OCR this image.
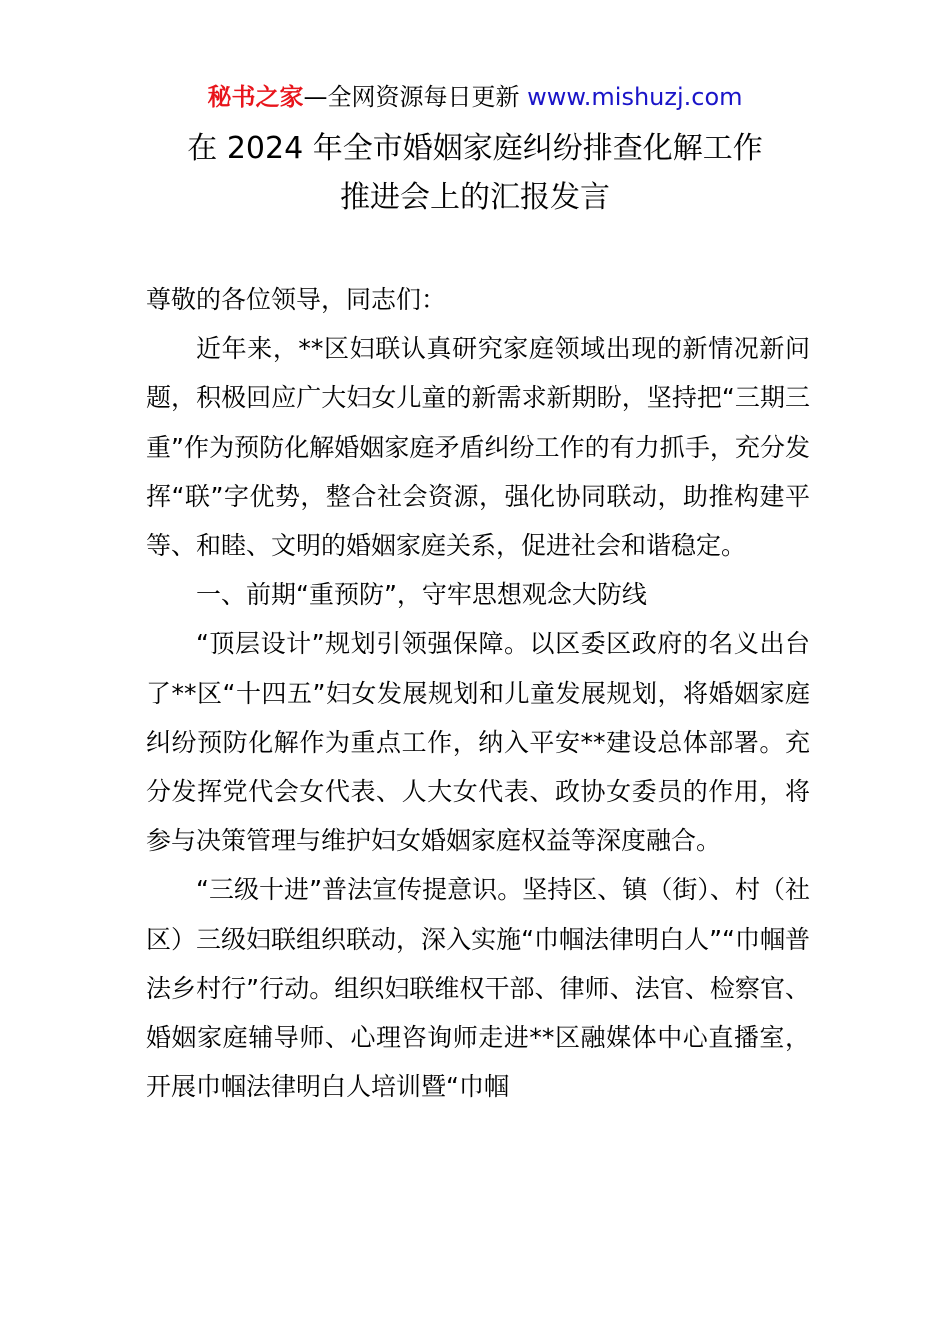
秘书之家—全网资源每日更新 www.mishuzj.com
在 2024 年全市婚姻家庭纠纷排查化解工作
推进会上的汇报发言

尊敬的各位领导，同志们：

近年来，**区妇联认真研究家庭领域出现的新情况新问题，积极回应广大妇女儿童的新需求新期盼，坚持把“三期三重”作为预防化解婚姻家庭矛盾纠纷工作的有力抓手，充分发挥“联”字优势，整合社会资源，强化协同联动，助推构建平等、和睦、文明的婚姻家庭关系，促进社会和谐稳定。

一、前期“重预防”，守牢思想观念大防线

“顶层设计”规划引领强保障。以区委区政府的名义出台了**区“十四五”妇女发展规划和儿童发展规划，将婚姻家庭纠纷预防化解作为重点工作，纳入平安**建设总体部署。充分发挥党代会女代表、人大女代表、政协女委员的作用，将参与决策管理与维护妇女婚姻家庭权益等深度融合。

“三级十进”普法宣传提意识。坚持区、镇（街）、村（社区）三级妇联组织联动，深入实施“巾帼法律明白人”“巾帼普法乡村行”行动。组织妇联维权干部、律师、法官、检察官、婚姻家庭辅导师、心理咨询师走进**区融媒体中心直播室，开展巾帼法律明白人培训暨“巾帼
